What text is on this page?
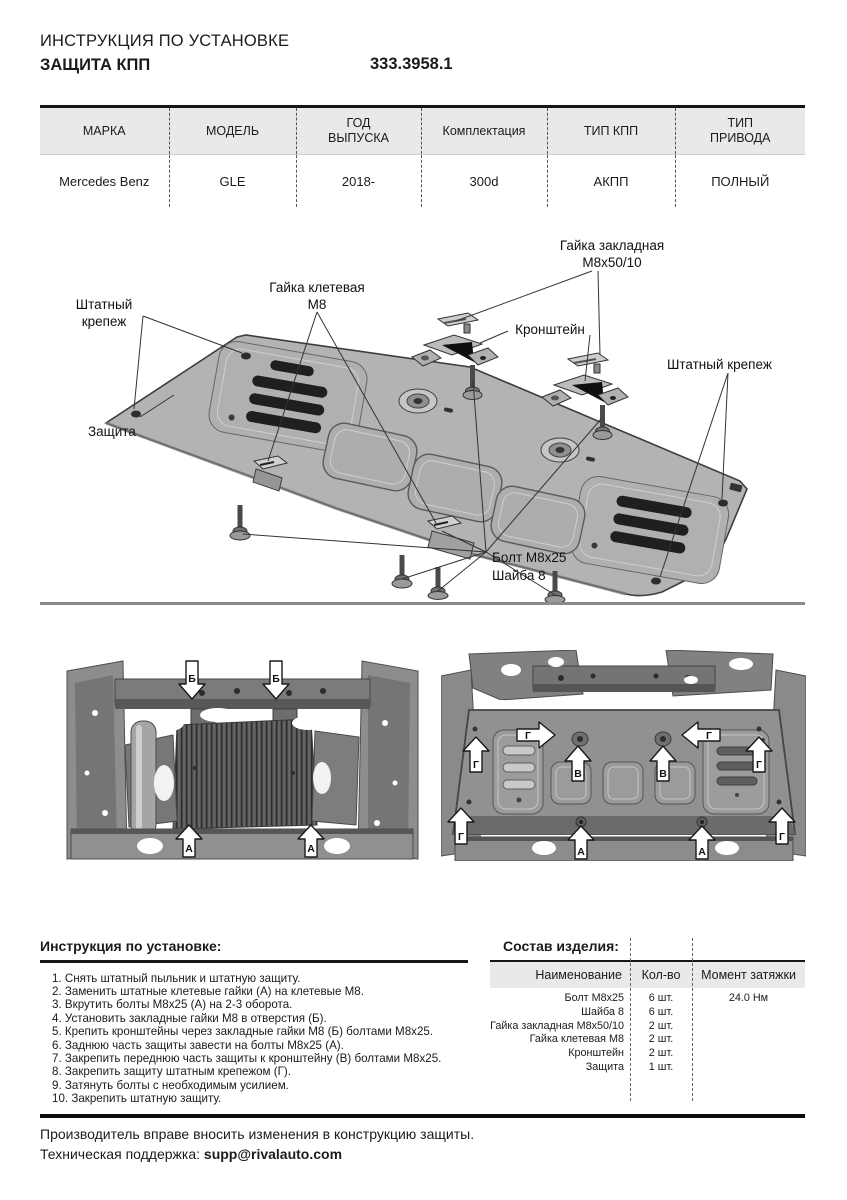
ИНСТРУКЦИЯ ПО УСТАНОВКЕ
ЗАЩИТА КПП	333.3958.1
МАРКА	МОДЕЛЬ	ГОД ВЫПУСКА	Комплектация	ТИП КПП	ТИП ПРИВОДА
Mercedes Benz	GLE	2018-	300d	АКПП	ПОЛНЫЙ
Штатный
крепеж
Гайка клетевая
М8
Гайка закладная
M8x50/10
Кронштейн
Штатный крепеж
Защита
Болт M8x25
Шайба 8
Б	Б
А	А
Г	Г
В	В
Г	Г
Г	Г
А	А
Инструкция по установке:
1. Снять штатный пыльник и штатную защиту.
2. Заменить штатные клетевые гайки (А) на клетевые М8.
3. Вкрутить болты М8х25 (А) на 2-3 оборота.
4. Установить закладные гайки М8 в отверстия (Б).
5. Крепить кронштейны через закладные гайки М8 (Б) болтами М8х25.
6. Заднюю часть защиты завести на болты М8х25 (А).
7. Закрепить переднюю часть защиты к кронштейну (В) болтами М8х25.
8. Закрепить защиту штатным крепежом (Г).
9. Затянуть болты с необходимым усилием.
10. Закрепить штатную защиту.
Состав изделия:
Наименование	Кол-во	Момент затяжки
Болт M8x25	6 шт.	24.0 Нм
Шайба 8	6 шт.
Гайка закладная M8x50/10	2 шт.
Гайка клетевая М8	2 шт.
Кронштейн	2 шт.
Защита	1 шт.
Производитель вправе вносить изменения в конструкцию защиты.
Техническая поддержка: supp@rivalauto.com
